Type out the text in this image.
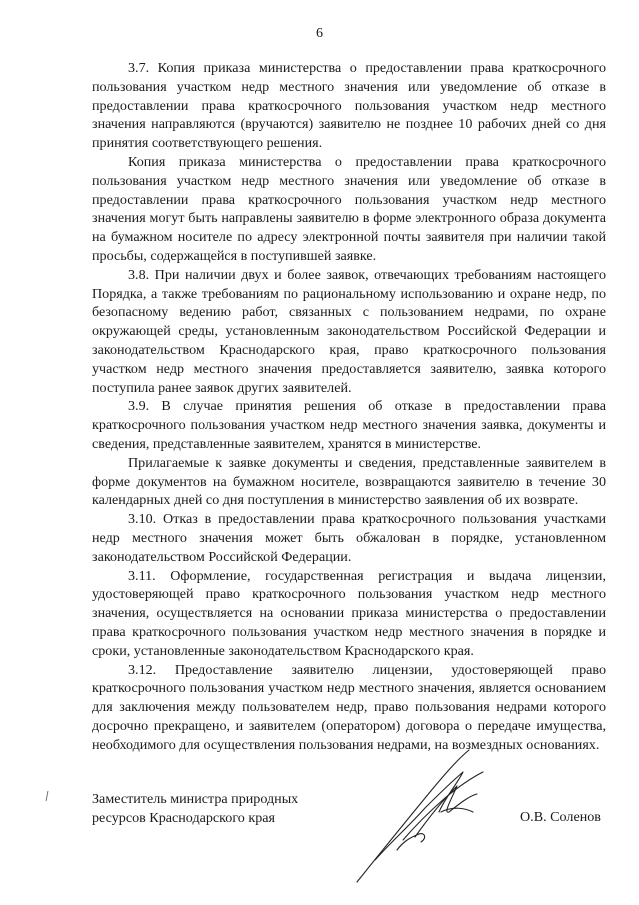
6

3.7. Копия приказа министерства о предоставлении права краткосрочного пользования участком недр местного значения или уведомление об отказе в предоставлении права краткосрочного пользования участком недр местного значения направляются (вручаются) заявителю не позднее 10 рабочих дней со дня принятия соответствующего решения.

Копия приказа министерства о предоставлении права краткосрочного пользования участком недр местного значения или уведомление об отказе в предоставлении права краткосрочного пользования участком недр местного значения могут быть направлены заявителю в форме электронного образа документа на бумажном носителе по адресу электронной почты заявителя при наличии такой просьбы, содержащейся в поступившей заявке.

3.8. При наличии двух и более заявок, отвечающих требованиям настоящего Порядка, а также требованиям по рациональному использованию и охране недр, по безопасному ведению работ, связанных с пользованием недрами, по охране окружающей среды, установленным законодательством Российской Федерации и законодательством Краснодарского края, право краткосрочного пользования участком недр местного значения предоставляется заявителю, заявка которого поступила ранее заявок других заявителей.

3.9. В случае принятия решения об отказе в предоставлении права краткосрочного пользования участком недр местного значения заявка, документы и сведения, представленные заявителем, хранятся в министерстве.

Прилагаемые к заявке документы и сведения, представленные заявителем в форме документов на бумажном носителе, возвращаются заявителю в течение 30 календарных дней со дня поступления в министерство заявления об их возврате.

3.10. Отказ в предоставлении права краткосрочного пользования участками недр местного значения может быть обжалован в порядке, установленном законодательством Российской Федерации.

3.11. Оформление, государственная регистрация и выдача лицензии, удостоверяющей право краткосрочного пользования участком недр местного значения, осуществляется на основании приказа министерства о предоставлении права краткосрочного пользования участком недр местного значения в порядке и сроки, установленные законодательством Краснодарского края.

3.12. Предоставление заявителю лицензии, удостоверяющей право краткосрочного пользования участком недр местного значения, является основанием для заключения между пользователем недр, право пользования недрами которого досрочно прекращено, и заявителем (оператором) договора о передаче имущества, необходимого для осуществления пользования недрами, на возмездных основаниях.

Заместитель министра природных
ресурсов Краснодарского края	О.В. Соленов
